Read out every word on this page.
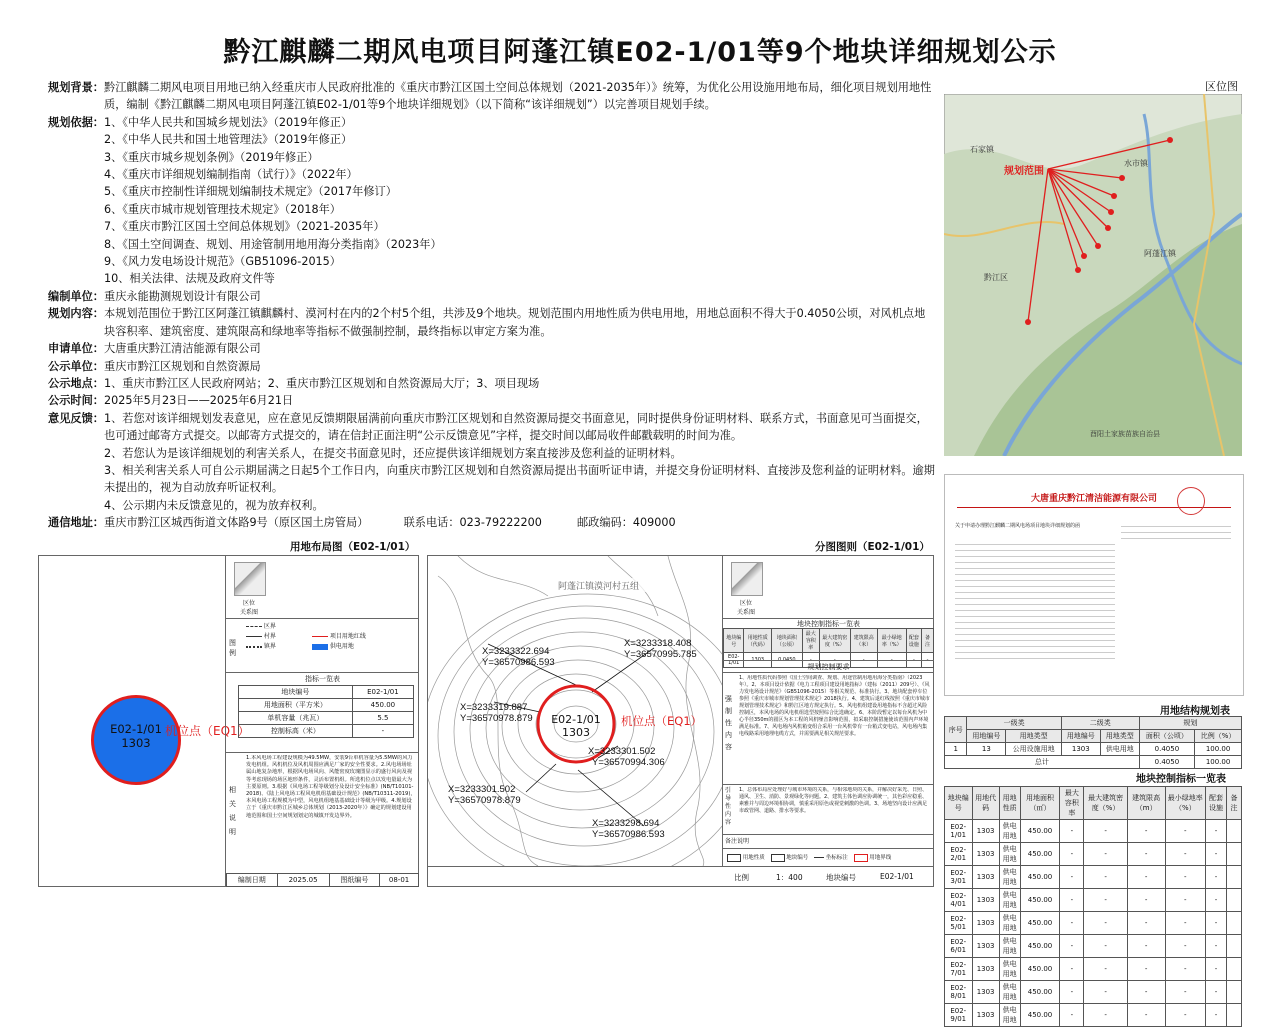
黔江麒麟二期风电项目阿蓬江镇E02-1/01等9个地块详细规划公示
规划背景： 黔江麒麟二期风电项目用地已纳入经重庆市人民政府批准的《重庆市黔江区国土空间总体规划（2021-2035年）》统筹，为优化公用设施用地布局，细化项目规划用地性质，编制《黔江麒麟二期风电项目阿蓬江镇E02-1/01等9个地块详细规划》（以下简称“该详细规划”）以完善项目规划手续。
规划依据： 1、《中华人民共和国城乡规划法》（2019年修正）
2、《中华人民共和国土地管理法》（2019年修正）
3、《重庆市城乡规划条例》（2019年修正）
4、《重庆市详细规划编制指南（试行）》（2022年）
5、《重庆市控制性详细规划编制技术规定》（2017年修订）
6、《重庆市城市规划管理技术规定》（2018年）
7、《重庆市黔江区国土空间总体规划》（2021-2035年）
8、《国土空间调查、规划、用途管制用地用海分类指南》（2023年）
9、《风力发电场设计规范》（GB51096-2015）
10、相关法律、法规及政府文件等
编制单位： 重庆永能勘测规划设计有限公司
规划内容： 本规划范围位于黔江区阿蓬江镇麒麟村、漠河村在内的2个村5个组，共涉及9个地块。规划范围内用地性质为供电用地，用地总面积不得大于0.4050公顷，对风机点地块容积率、建筑密度、建筑限高和绿地率等指标不做强制控制，最终指标以审定方案为准。
申请单位： 大唐重庆黔江清洁能源有限公司
公示单位： 重庆市黔江区规划和自然资源局
公示地点： 1、重庆市黔江区人民政府网站；2、重庆市黔江区规划和自然资源局大厅；3、项目现场
公示时间： 2025年5月23日——2025年6月21日
意见反馈： 1、若您对该详细规划发表意见，应在意见反馈期限届满前向重庆市黔江区规划和自然资源局提交书面意见，同时提供身份证明材料、联系方式，书面意见可当面提交，也可通过邮寄方式提交。以邮寄方式提交的，请在信封正面注明“公示反馈意见”字样，提交时间以邮局收件邮戳载明的时间为准。
2、若您认为是该详细规划的利害关系人，在提交书面意见时，还应提供该详细规划方案直接涉及您利益的证明材料。
3、相关利害关系人可自公示期届满之日起5个工作日内，向重庆市黔江区规划和自然资源局提出书面听证申请，并提交身份证明材料、直接涉及您利益的证明材料。逾期未提出的，视为自动放弃听证权利。
4、公示期内未反馈意见的，视为放弃权利。
通信地址： 重庆市黔江区城西街道文体路9号（原区国土房管局）	联系电话：023-79222200	邮政编码：409000
区位图
规划范围
石家镇
水市镇
阿蓬江镇
黔江区
酉阳土家族苗族自治县
大唐重庆黔江清洁能源有限公司
关于申请办理黔江麒麟二期风电场项目地块详细规划的函
用地布局图（E02-1/01）
E02-1/01
1303
机位点（EQ1）
区位
关系图
图例
区界
村界
镇界
项目用地红线
供电用地
指标一览表
地块编号	E02-1/01
用地面积（平方米）	450.00
单机容量（兆瓦）	5.5
控制标高（米）	-
相关说明
1.本风电场工程建设规模为49.5MW，安装9台单机容量为5.5MW的风力发电机组。风机机位及风机周围应满足厂家的安全性要求。2.风电场场址属山地复杂地形，根据风电场风向、风能密度玫瑰图显示的盛行风向及视等考虑现场的场区地形条件，灵活布置机组。所选机位点以发电量最大为主要原则。3.根据《风电场工程等级划分及设计安全标准》(NB/T10101-2018)、《陆上风电场工程风电机组基础设计规范》(NB/T10311-2019)，本风电场工程规模为中型，风电机组地基基础设计等级为甲级。4.规划设立于《重庆市黔江区城乡总体规划（2013-2020年）》确定的规划建设用地范围和国土空间规划划定的城镇开发边界外。
编制日期	2025.05	图纸编号	08-01
分图图则（E02-1/01）
阿蓬江镇漠河村五组
E02-1/01
1303
机位点（EQ1）
X=3233322.694
Y=36570986.593
X=3233318.408
Y=36570995.785
X=3233319.887
Y=36570978.879
X=3233301.502
Y=36570994.306
X=3233301.502
Y=36570978.879
X=3233298.694
Y=36570986.593
区位
关系图
地块控制指标一览表
地块编号	用地性质（代码）	地块面积（公顷）	最大容积率	最大建筑密度（%）	建筑限高（米）	最小绿地率（%）	配套设施	备注
E02-1/01	1303	0.0450	-	-	-	-	-	-
规划控制要求
强制性内容
1、用地性质代码参照《国土空间调查、规划、用途管制用地用海分类指南》（2023年）。2、本项目设计依据《电力工程项目建设用地指标》（建标（2011）209号）、《风力发电场设计规范》（GB51096-2015）等相关规范、标准执行。3、地块配套停车位参照《重庆市城市规划管理技术规定》2018执行。4、建筑后退红线按照《重庆市城市规划管理技术规定》和黔江区地方规定执行。5、风电机组建设用地指标不含超过风险控制区，本风电场的风电机组选型按照综合比选确定。6、本阶段暂定以每台风机为中心半径350m的圆区为本工程的风机噪音影响范围，拟采取控制措施使该范围内声环境满足标准。7、风电场内风机箱变组合采用一台风机带有一台箱式变电站，风电场内集电线路采用地埋电缆方式，并需要满足相关规范要求。
引导性内容
1、总体布局应处理好与城市环境的关系，与相邻地块的关系，并解决好采光、日照、通风、卫生、消防、景观绿化等问题。2、建筑主体色调应协调统一，其色彩应稳重、素雅并与周边环境相协调，慎重采用原色或视觉刺激的色调。3、场地坚向设计应满足市政管网、道路、排水等要求。
备注说明
用地性质	地块编号	坐标标注	用地界线
比例	1：400	地块编号	E02-1/01
用地结构规划表
序号	一级类		二级类		规划	
	用地编号	用地类型	用地编号	用地类型	面积（公顷）	比例（%）
1	13	公用设施用地	1303	供电用地	0.4050	100.00
总计					0.4050	100.00
地块控制指标一览表
地块编号	用地代码	用地性质	用地面积（㎡）	最大容积率	最大建筑密度（%）	建筑限高（m）	最小绿地率（%）	配套设施	备注
E02-1/01	1303	供电用地	450.00	-	-	-	-	-	
E02-2/01	1303	供电用地	450.00	-	-	-	-	-	
E02-3/01	1303	供电用地	450.00	-	-	-	-	-	
E02-4/01	1303	供电用地	450.00	-	-	-	-	-	
E02-5/01	1303	供电用地	450.00	-	-	-	-	-	
E02-6/01	1303	供电用地	450.00	-	-	-	-	-	
E02-7/01	1303	供电用地	450.00	-	-	-	-	-	
E02-8/01	1303	供电用地	450.00	-	-	-	-	-	
E02-9/01	1303	供电用地	450.00	-	-	-	-	-	
